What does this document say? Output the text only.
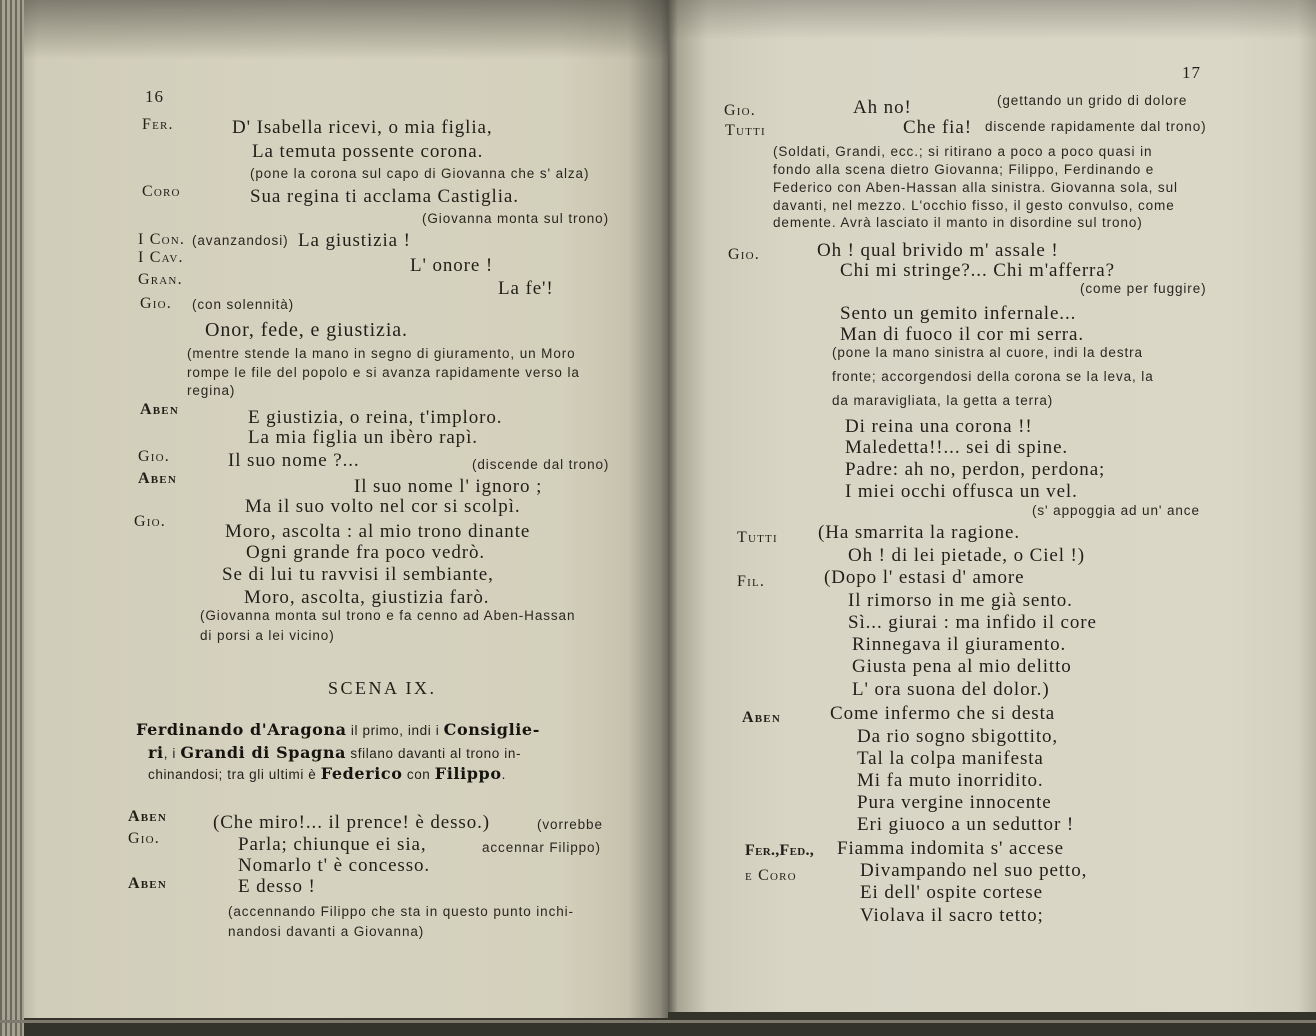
16
Fer.	D' Isabella ricevi, o mia figlia,
La temuta possente corona.
(pone la corona sul capo di Giovanna che s' alza)
Coro	Sua regina ti acclama Castiglia.
(Giovanna monta sul trono)
I Con. (avanzandosi) La giustizia !
I Cav.	L' onore !
Gran.	La fe'!
Gio. (con solennità)
Onor, fede, e giustizia.
(mentre stende la mano in segno di giuramento, un Moro
rompe le file del popolo e si avanza rapidamente verso la
regina)
Aben	E giustizia, o reina, t'imploro.
La mia figlia un ibèro rapì.
Gio.	Il suo nome ?...	(discende dal trono)
Aben	Il suo nome l' ignoro ;
Ma il suo volto nel cor si scolpì.
Gio.	Moro, ascolta : al mio trono dinante
Ogni grande fra poco vedrò.
Se di lui tu ravvisi il sembiante,
Moro, ascolta, giustizia farò.
(Giovanna monta sul trono e fa cenno ad Aben-Hassan
di porsi a lei vicino)
SCENA IX.
Ferdinando d'Aragona il primo, indi i Consiglie-
ri, i Grandi di Spagna sfilano davanti al trono in-
chinandosi; tra gli ultimi è Federico con Filippo.
Aben (Che miro!... il prence! è desso.)	(vorrebbe
Gio.	Parla; chiunque ei sia,	accennar Filippo)
Nomarlo t' è concesso.
Aben	E desso !
(accennando Filippo che sta in questo punto inchi-
nandosi davanti a Giovanna)
17
Gio.	Ah no!	(gettando un grido di dolore
Tutti	Che fia! discende rapidamente dal trono)
(Soldati, Grandi, ecc.; si ritirano a poco a poco quasi in
fondo alla scena dietro Giovanna; Filippo, Ferdinando e
Federico con Aben-Hassan alla sinistra. Giovanna sola, sul
davanti, nel mezzo. L'occhio fisso, il gesto convulso, come
demente. Avrà lasciato il manto in disordine sul trono)
Gio.	Oh ! qual brivido m' assale !
Chi mi stringe?... Chi m'afferra?
(come per fuggire)
Sento un gemito infernale...
Man di fuoco il cor mi serra.
(pone la mano sinistra al cuore, indi la destra
fronte; accorgendosi della corona se la leva, la
da maravigliata, la getta a terra)
Di reina una corona !!
Maledetta!!... sei di spine.
Padre: ah no, perdon, perdona;
I miei occhi offusca un vel.
(s' appoggia ad un' ance
Tutti (Ha smarrita la ragione.
Oh ! di lei pietade, o Ciel !)
Fil.	(Dopo l' estasi d' amore
Il rimorso in me già sento.
Sì... giurai : ma infido il core
Rinnegava il giuramento.
Giusta pena al mio delitto
L' ora suona del dolor.)
Aben	Come infermo che si desta
Da rio sogno sbigottito,
Tal la colpa manifesta
Mi fa muto inorridito.
Pura vergine innocente
Eri giuoco a un seduttor !
Fer.,Fed., Fiamma indomita s' accese
e Coro	Divampando nel suo petto,
Ei dell' ospite cortese
Violava il sacro tetto;
